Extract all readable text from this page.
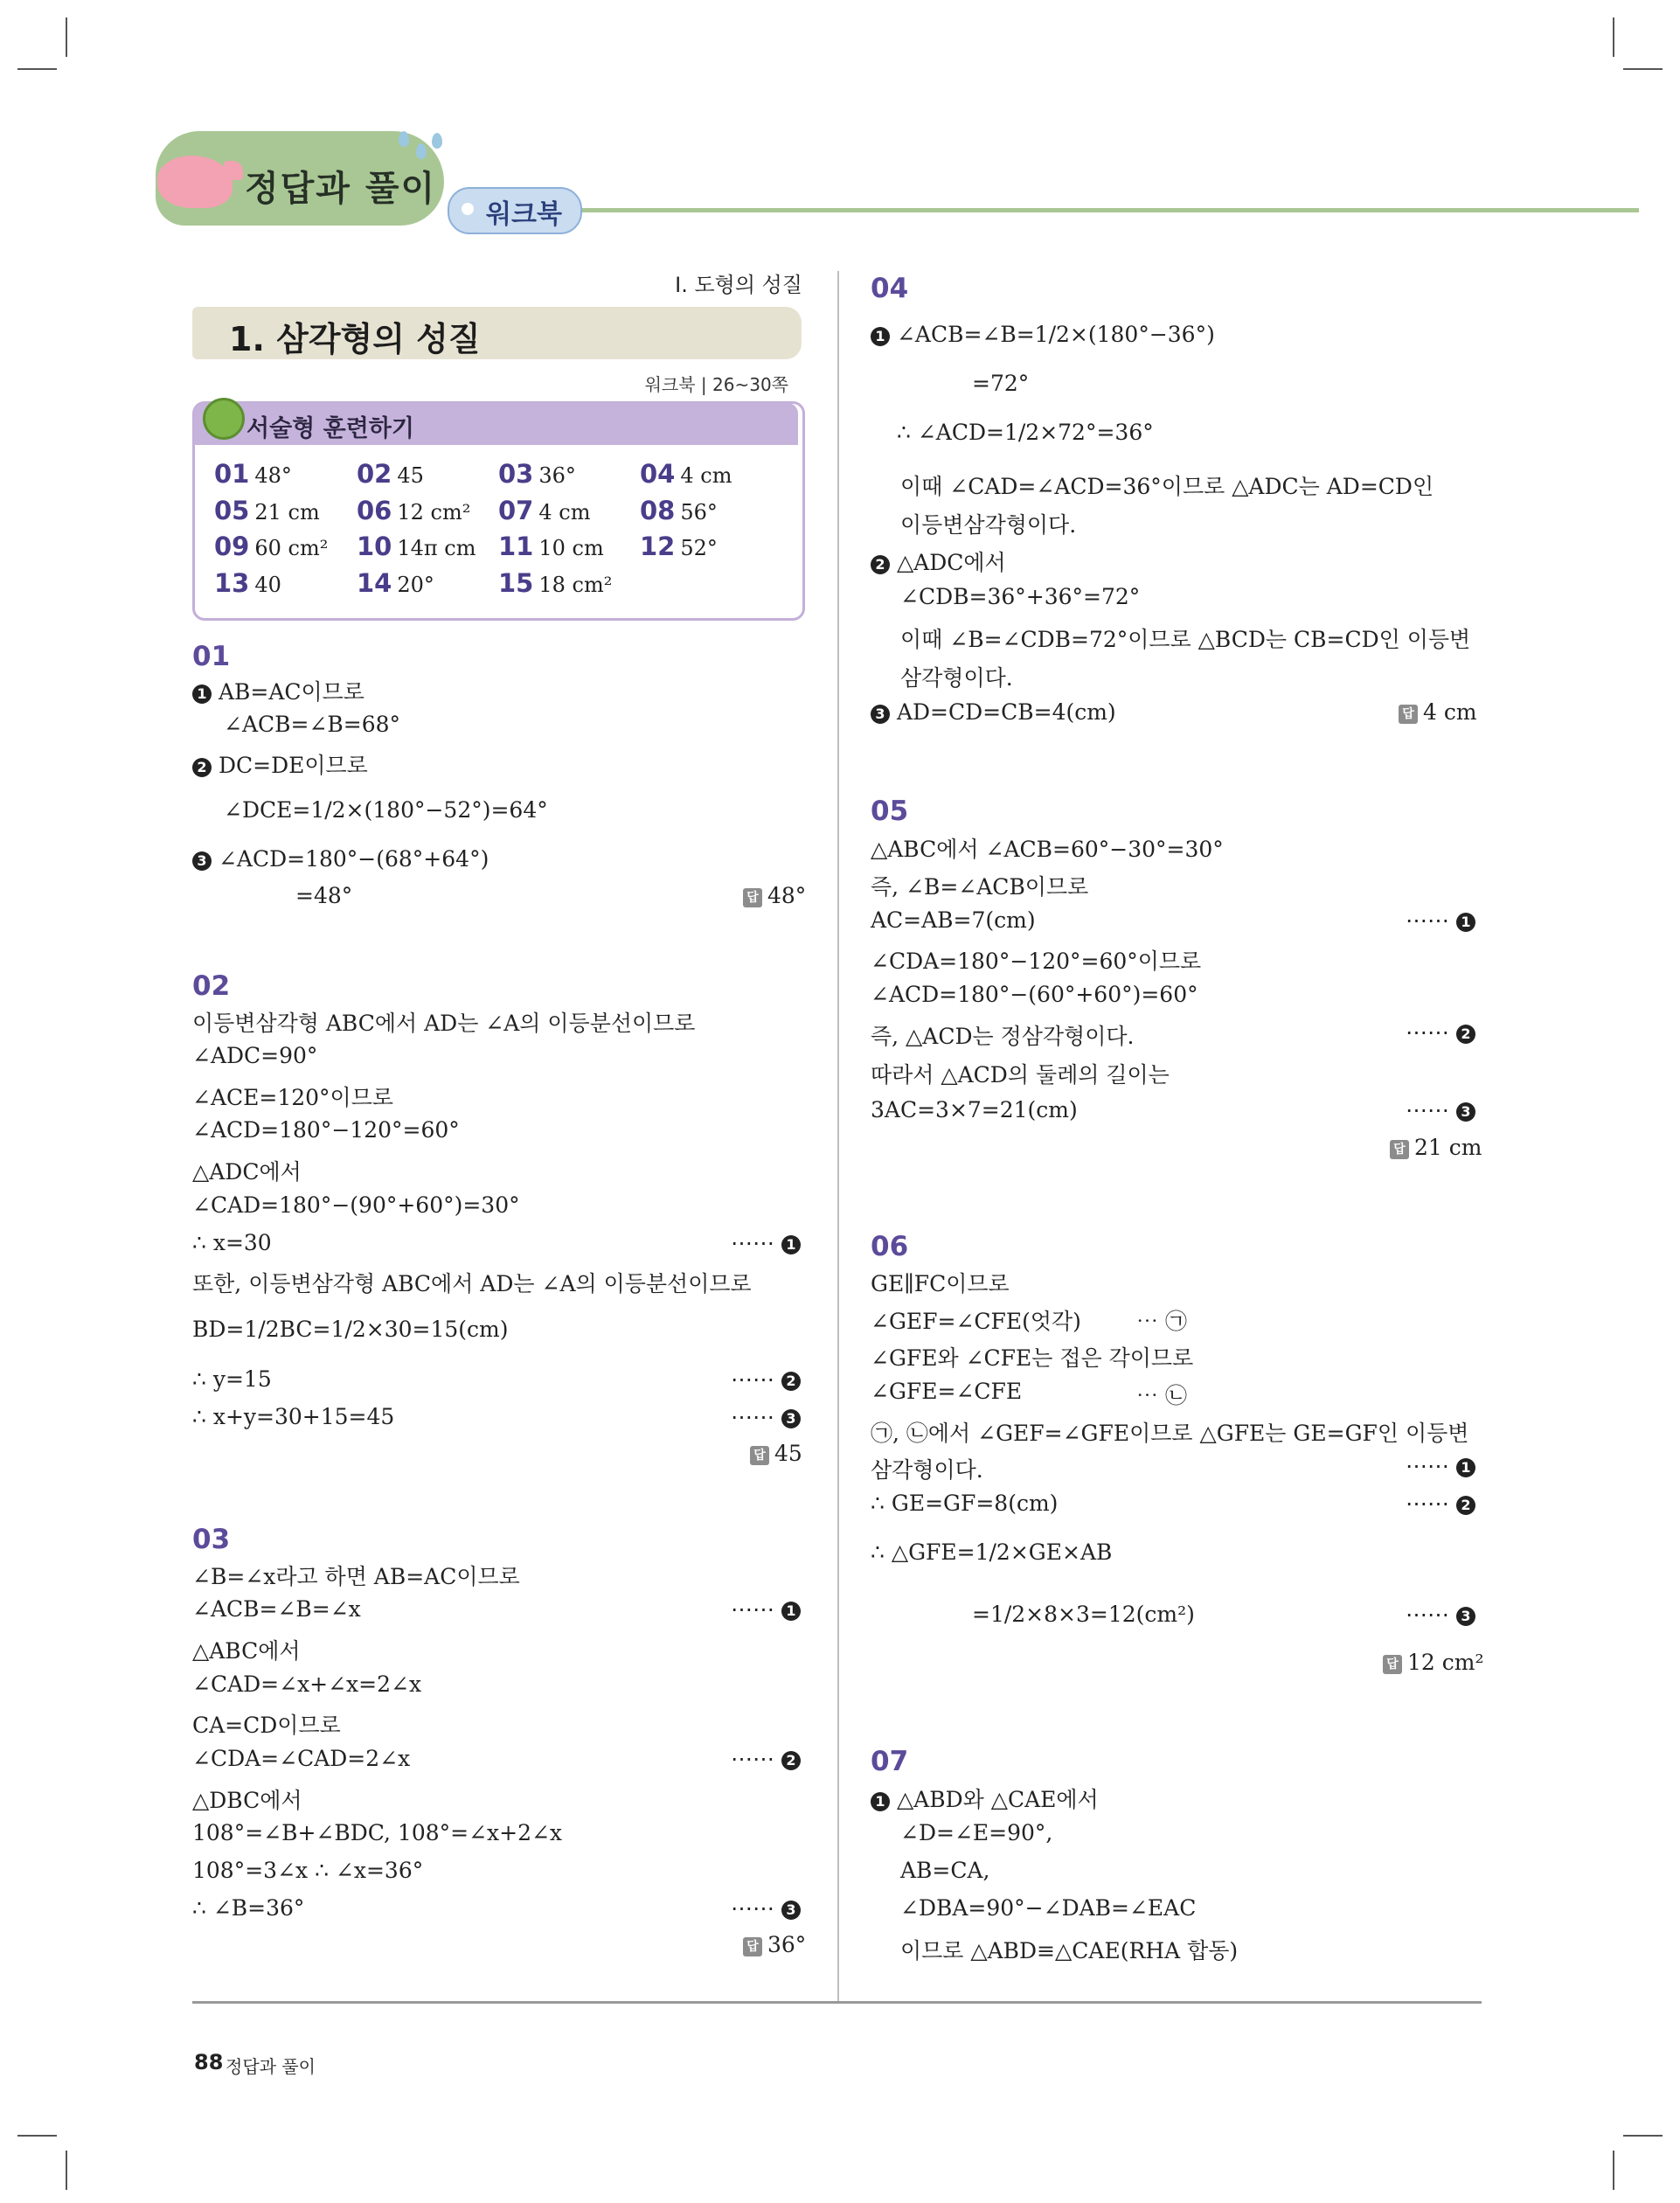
정답과 풀이
워크북
Ⅰ. 도형의 성질
1. 삼각형의 성질
워크북 | 26~30쪽
서술형 훈련하기
01 48°	02 45	03 36°	04 4 cm
05 21 cm 06 12 cm² 07 4 cm 08 56°
09 60 cm² 10 14π cm 11 10 cm 12 52°
13 40	14 20°	15 18 cm²
01
1 AB=AC이므로
∠ACB=∠B=68°
2 DC=DE이므로
∠DCE=1/2×(180°−52°)=64°
3 ∠ACD=180°−(68°+64°)
=48°	답 48°
02
이등변삼각형 ABC에서 AD는 ∠A의 이등분선이므로
∠ADC=90°
∠ACE=120°이므로
∠ACD=180°−120°=60°
△ADC에서
∠CAD=180°−(90°+60°)=30°
∴ x=30	⋯⋯ 1
또한, 이등변삼각형 ABC에서 AD는 ∠A의 이등분선이므로
BD=1/2BC=1/2×30=15(cm)
∴ y=15	⋯⋯ 2
∴ x+y=30+15=45	⋯⋯ 3
답 45
03
∠B=∠x라고 하면 AB=AC이므로
∠ACB=∠B=∠x	⋯⋯ 1
△ABC에서
∠CAD=∠x+∠x=2∠x
CA=CD이므로
∠CDA=∠CAD=2∠x	⋯⋯ 2
△DBC에서
108°=∠B+∠BDC, 108°=∠x+2∠x
108°=3∠x ∴ ∠x=36°
∴ ∠B=36°	⋯⋯ 3
답 36°
04
1 ∠ACB=∠B=1/2×(180°−36°)
=72°
∴ ∠ACD=1/2×72°=36°
이때 ∠CAD=∠ACD=36°이므로 △ADC는 AD=CD인
이등변삼각형이다.
2 △ADC에서
∠CDB=36°+36°=72°
이때 ∠B=∠CDB=72°이므로 △BCD는 CB=CD인 이등변
삼각형이다.
3 AD=CD=CB=4(cm)	답 4 cm
05
△ABC에서 ∠ACB=60°−30°=30°
즉, ∠B=∠ACB이므로
AC=AB=7(cm)	⋯⋯ 1
∠CDA=180°−120°=60°이므로
∠ACD=180°−(60°+60°)=60°
즉, △ACD는 정삼각형이다.	⋯⋯ 2
따라서 △ACD의 둘레의 길이는
3AC=3×7=21(cm)	⋯⋯ 3
답 21 cm
06
GE∥FC이므로
∠GEF=∠CFE(엇각)	⋯ ㉠
∠GFE와 ∠CFE는 접은 각이므로
∠GFE=∠CFE	⋯ ㉡
㉠, ㉡에서 ∠GEF=∠GFE이므로 △GFE는 GE=GF인 이등변
삼각형이다.	⋯⋯ 1
∴ GE=GF=8(cm)	⋯⋯ 2
∴ △GFE=1/2×GE×AB
=1/2×8×3=12(cm²)	⋯⋯ 3
답 12 cm²
07
1 △ABD와 △CAE에서
∠D=∠E=90°,
AB=CA,
∠DBA=90°−∠DAB=∠EAC
이므로 △ABD≡△CAE(RHA 합동)
88 정답과 풀이
